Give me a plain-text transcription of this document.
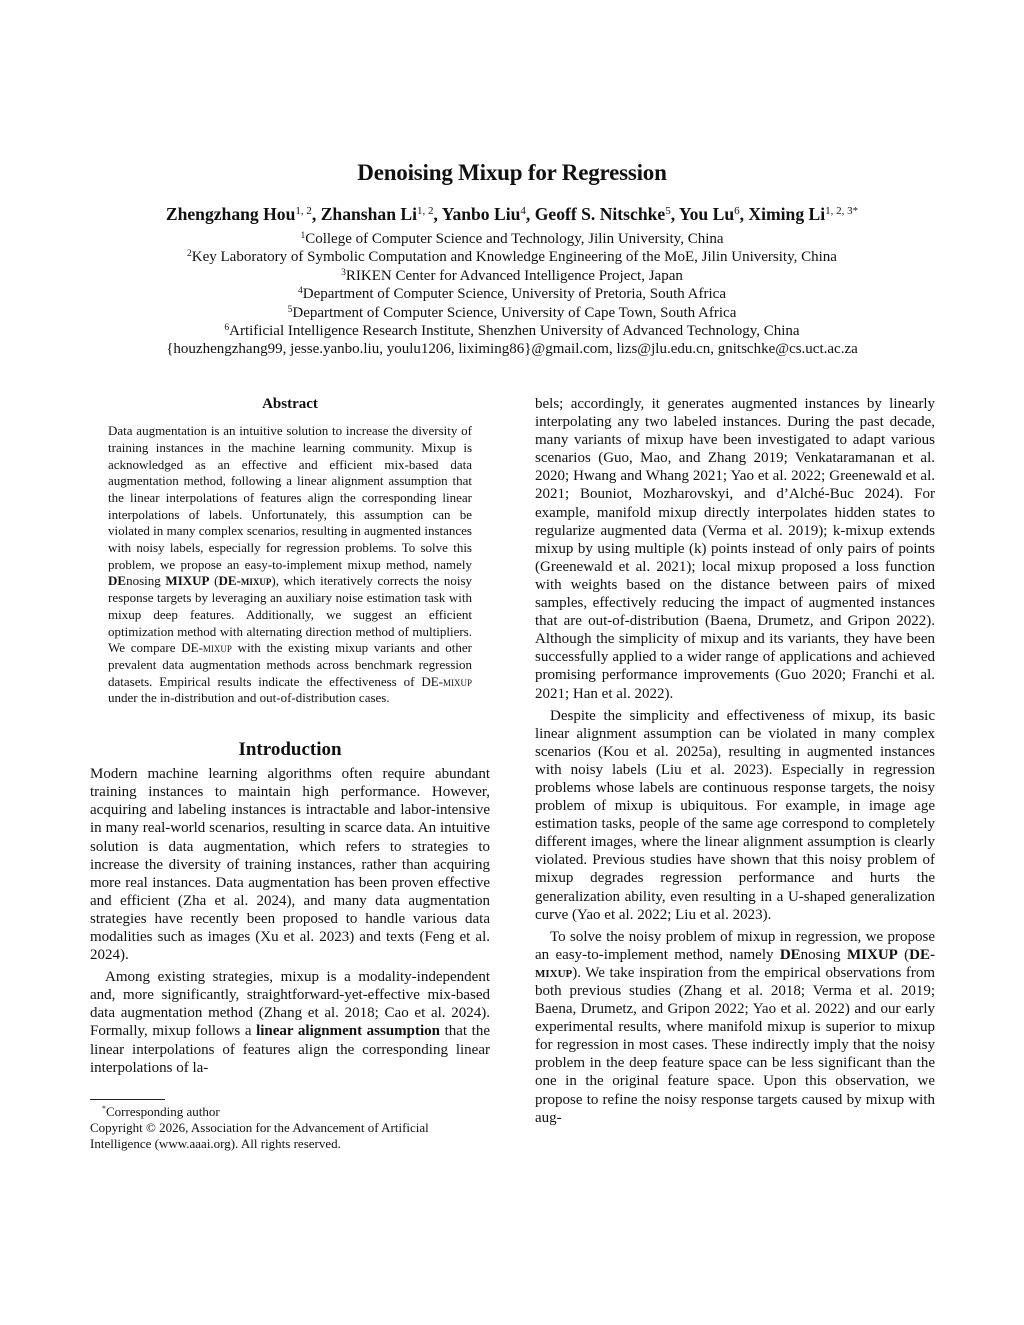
Denoising Mixup for Regression
Zhengzhang Hou$^{1, 2}$, Zhanshan Li$^{1, 2}$, Yanbo Liu$^4$, Geoff S. Nitschke$^5$, You Lu$^6$, Ximing $Li^{1, 2, 3*}$
$^1$College of Computer Science and Technology, Jilin University, China
$^2$Key Laboratory of Symbolic Computation and Knowledge Engineering of the MoE, Jilin University, China
$^3$RIKEN Center for Advanced Intelligence Project, Japan
$^4$Department of Computer Science, University of Pretoria, South Africa
$^5$Department of Computer Science, University of Cape Town, South Africa
$^6$Artificial Intelligence Research Institute, Shenzhen University of Advanced Technology, China
{houzhengzhang99, jesse.yanbo.liu, youlu1206, liximing86}@gmail.com, lizs@jlu.edu.cn, gnitschke@cs.uct.ac.za
Abstract
Data augmentation is an intuitive solution to increase the diversity of training instances in the machine learning community. Mixup is acknowledged as an effective and efficient mix-based data augmentation method, following a linear alignment assumption that the linear interpolations of features align the corresponding linear interpolations of labels. Unfortunately, this assumption can be violated in many complex scenarios, resulting in augmented instances with noisy labels, especially for regression problems. To solve this problem, we propose an easy-to-implement mixup method, namely DEnosing MIXUP (DE-mixup), which iteratively corrects the noisy response targets by leveraging an auxiliary noise estimation task with mixup deep features. Additionally, we suggest an efficient optimization method with alternating direction method of multipliers. We compare DE-mixup with the existing mixup variants and other prevalent data augmentation methods across benchmark regression datasets. Empirical results indicate the effectiveness of DE-mixup under the in-distribution and out-of-distribution cases.
Introduction

Modern machine learning algorithms often require abundant training instances to maintain high performance. However, acquiring and labeling instances is intractable and labor-intensive in many real-world scenarios, resulting in scarce data. An intuitive solution is data augmentation, which refers to strategies to increase the diversity of training instances, rather than acquiring more real instances. Data augmentation has been proven effective and efficient (Zha et al. 2024), and many data augmentation strategies have recently been proposed to handle various data modalities such as images (Xu et al. 2023) and texts (Feng et al. 2024).

Among existing strategies, mixup is a modality-independent and, more significantly, straightforward-yet-effective mix-based data augmentation method (Zhang et al. 2018; Cao et al. 2024). Formally, mixup follows a linear alignment assumption that the linear interpolations of features align the corresponding linear interpolations of la-

*Corresponding author
Copyright © 2026, Association for the Advancement of Artificial Intelligence (www.aaai.org). All rights reserved.

bels; accordingly, it generates augmented instances by linearly interpolating any two labeled instances. During the past decade, many variants of mixup have been investigated to adapt various scenarios (Guo, Mao, and Zhang 2019; Venkataramanan et al. 2020; Hwang and Whang 2021; Yao et al. 2022; Greenewald et al. 2021; Bouniot, Mozharovskyi, and d’Alché-Buc 2024). For example, manifold mixup directly interpolates hidden states to regularize augmented data (Verma et al. 2019); k-mixup extends mixup by using multiple (k) points instead of only pairs of points (Greenewald et al. 2021); local mixup proposed a loss function with weights based on the distance between pairs of mixed samples, effectively reducing the impact of augmented instances that are out-of-distribution (Baena, Drumetz, and Gripon 2022). Although the simplicity of mixup and its variants, they have been successfully applied to a wider range of applications and achieved promising performance improvements (Guo 2020; Franchi et al. 2021; Han et al. 2022).

Despite the simplicity and effectiveness of mixup, its basic linear alignment assumption can be violated in many complex scenarios (Kou et al. 2025a), resulting in augmented instances with noisy labels (Liu et al. 2023). Especially in regression problems whose labels are continuous response targets, the noisy problem of mixup is ubiquitous. For example, in image age estimation tasks, people of the same age correspond to completely different images, where the linear alignment assumption is clearly violated. Previous studies have shown that this noisy problem of mixup degrades regression performance and hurts the generalization ability, even resulting in a U-shaped generalization curve (Yao et al. 2022; Liu et al. 2023).

To solve the noisy problem of mixup in regression, we propose an easy-to-implement method, namely DEnosing MIXUP (DE-mixup). We take inspiration from the empirical observations from both previous studies (Zhang et al. 2018; Verma et al. 2019; Baena, Drumetz, and Gripon 2022; Yao et al. 2022) and our early experimental results, where manifold mixup is superior to mixup for regression in most cases. These indirectly imply that the noisy problem in the deep feature space can be less significant than the one in the original feature space. Upon this observation, we propose to refine the noisy response targets caused by mixup with aug-
